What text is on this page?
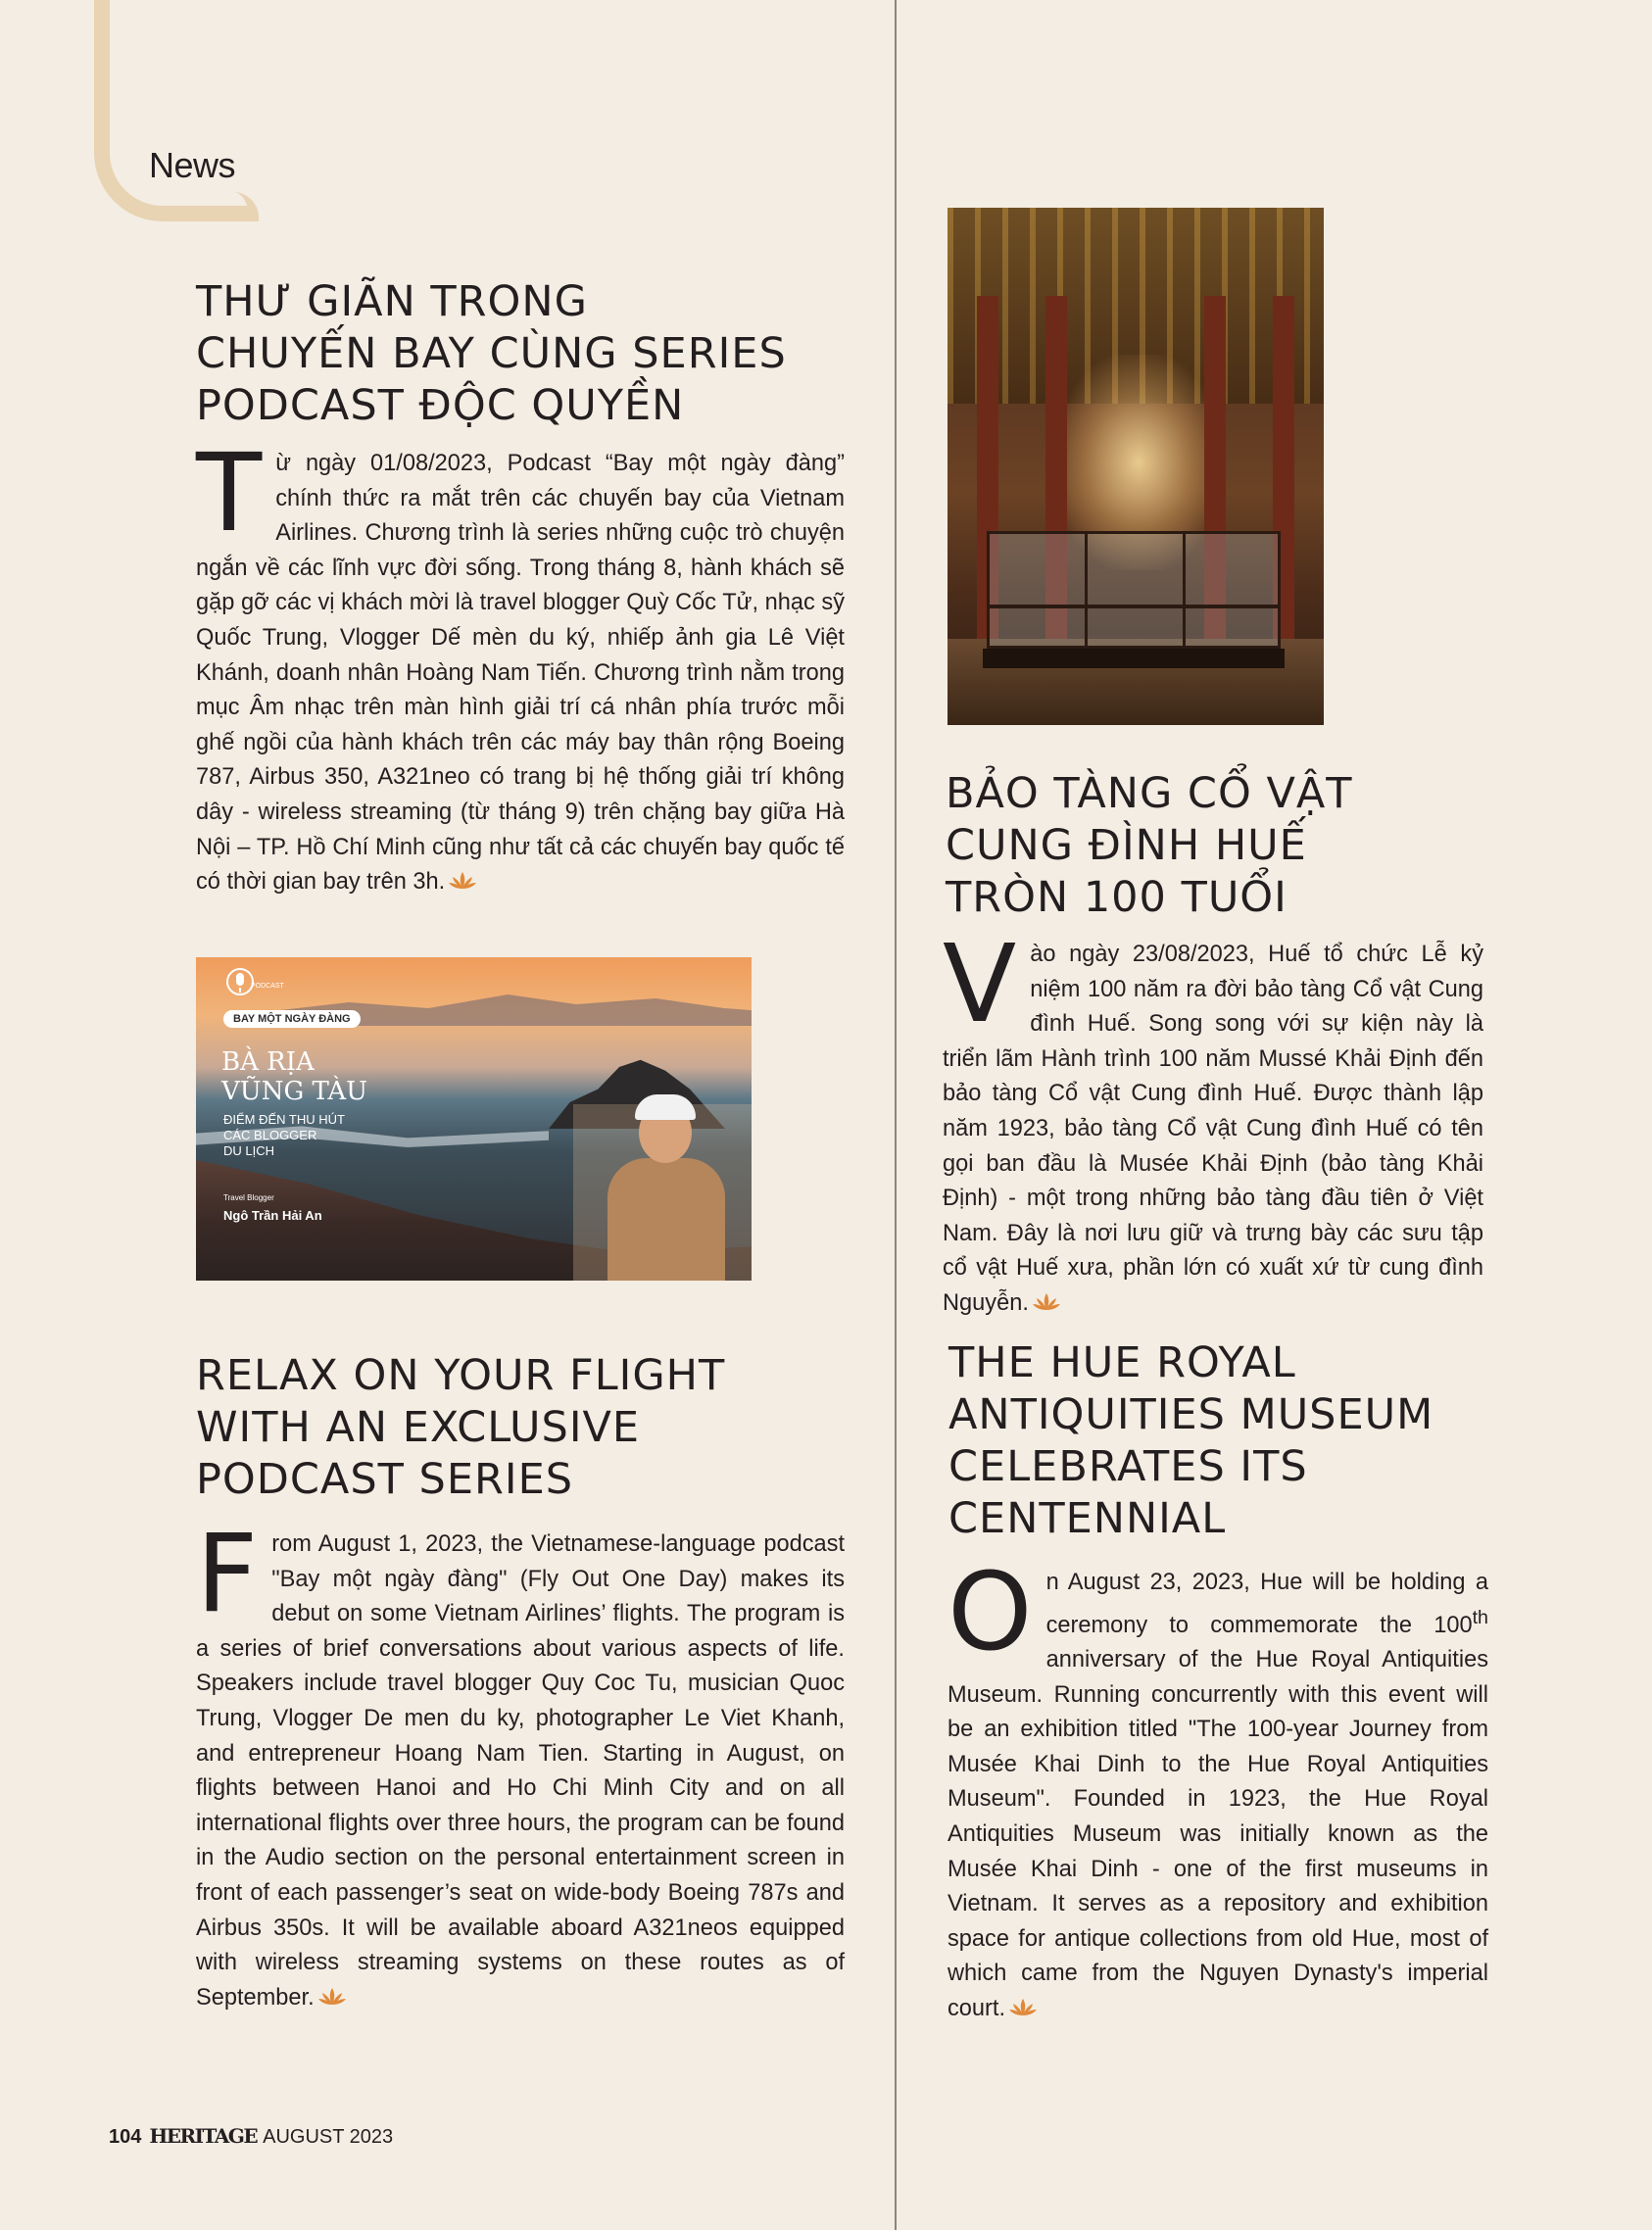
News
THƯ GIÃN TRONG
CHUYẾN BAY CÙNG SERIES
PODCAST ĐỘC QUYỀN

Từ ngày 01/08/2023, Podcast “Bay một ngày đàng” chính thức ra mắt trên các chuyến bay của Vietnam Airlines. Chương trình là series những cuộc trò chuyện ngắn về các lĩnh vực đời sống. Trong tháng 8, hành khách sẽ gặp gỡ các vị khách mời là travel blogger Quỳ Cốc Tử, nhạc sỹ Quốc Trung, Vlogger Dế mèn du ký, nhiếp ảnh gia Lê Việt Khánh, doanh nhân Hoàng Nam Tiến. Chương trình nằm trong mục Âm nhạc trên màn hình giải trí cá nhân phía trước mỗi ghế ngồi của hành khách trên các máy bay thân rộng Boeing 787, Airbus 350, A321neo có trang bị hệ thống giải trí không dây - wireless streaming (từ tháng 9) trên chặng bay giữa Hà Nội – TP. Hồ Chí Minh cũng như tất cả các chuyến bay quốc tế có thời gian bay trên 3h.

PODCAST
BAY MỘT NGÀY ĐÀNG
BÀ RỊA
VŨNG TÀU
ĐIỂM ĐẾN THU HÚT
CÁC BLOGGER
DU LỊCH
Travel Blogger
Ngô Trần Hải An
RELAX ON YOUR FLIGHT
WITH AN EXCLUSIVE
PODCAST SERIES

From August 1, 2023, the Vietnamese-language podcast "Bay một ngày đàng" (Fly Out One Day) makes its debut on some Vietnam Airlines’ flights. The program is a series of brief conversations about various aspects of life. Speakers include travel blogger Quy Coc Tu, musician Quoc Trung, Vlogger De men du ky, photographer Le Viet Khanh, and entrepreneur Hoang Nam Tien. Starting in August, on flights between Hanoi and Ho Chi Minh City and on all international flights over three hours, the program can be found in the Audio section on the personal entertainment screen in front of each passenger’s seat on wide-body Boeing 787s and Airbus 350s. It will be available aboard A321neos equipped with wireless streaming systems on these routes as of September.

BẢO TÀNG CỔ VẬT
CUNG ĐÌNH HUẾ
TRÒN 100 TUỔI

Vào ngày 23/08/2023, Huế tổ chức Lễ kỷ niệm 100 năm ra đời bảo tàng Cổ vật Cung đình Huế. Song song với sự kiện này là triển lãm Hành trình 100 năm Mussé Khải Định đến bảo tàng Cổ vật Cung đình Huế. Được thành lập năm 1923, bảo tàng Cổ vật Cung đình Huế có tên gọi ban đầu là Musée Khải Định (bảo tàng Khải Định) - một trong những bảo tàng đầu tiên ở Việt Nam. Đây là nơi lưu giữ và trưng bày các sưu tập cổ vật Huế xưa, phần lớn có xuất xứ từ cung đình Nguyễn.

THE HUE ROYAL
ANTIQUITIES MUSEUM
CELEBRATES ITS
CENTENNIAL

On August 23, 2023, Hue will be holding a ceremony to commemorate the 100th anniversary of the Hue Royal Antiquities Museum. Running concurrently with this event will be an exhibition titled "The 100-year Journey from Musée Khai Dinh to the Hue Royal Antiquities Museum". Founded in 1923, the Hue Royal Antiquities Museum was initially known as the Musée Khai Dinh - one of the first museums in Vietnam. It serves as a repository and exhibition space for antique collections from old Hue, most of which came from the Nguyen Dynasty's imperial court.

104 HERITAGE AUGUST 2023
